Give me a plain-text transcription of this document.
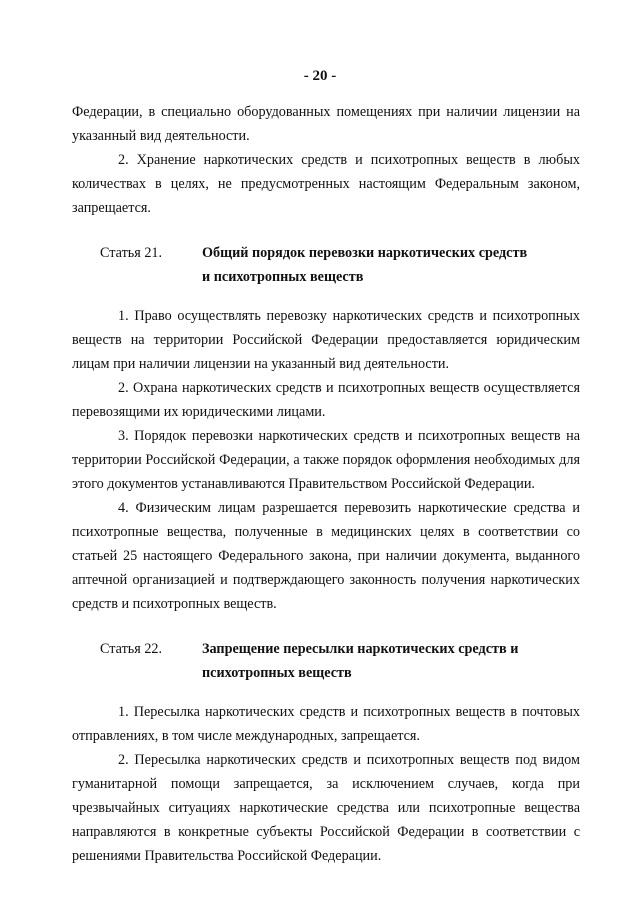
- 20 -

Федерации, в специально оборудованных помещениях при наличии лицензии на указанный вид деятельности.

2. Хранение наркотических средств и психотропных веществ в любых количествах в целях, не предусмотренных настоящим Федеральным законом, запрещается.

Статья 21.	Общий порядок перевозки наркотических средств и психотропных веществ

1. Право осуществлять перевозку наркотических средств и психотропных веществ на территории Российской Федерации предоставляется юридическим лицам при наличии лицензии на указанный вид деятельности.

2. Охрана наркотических средств и психотропных веществ осуществляется перевозящими их юридическими лицами.

3. Порядок перевозки наркотических средств и психотропных веществ на территории Российской Федерации, а также порядок оформления необходимых для этого документов устанавливаются Правительством Российской Федерации.

4. Физическим лицам разрешается перевозить наркотические средства и психотропные вещества, полученные в медицинских целях в соответствии со статьей 25 настоящего Федерального закона, при наличии документа, выданного аптечной организацией и подтверждающего законность получения наркотических средств и психотропных веществ.

Статья 22.	Запрещение пересылки наркотических средств и психотропных веществ

1. Пересылка наркотических средств и психотропных веществ в почтовых отправлениях, в том числе международных, запрещается.

2. Пересылка наркотических средств и психотропных веществ под видом гуманитарной помощи запрещается, за исключением случаев, когда при чрезвычайных ситуациях наркотические средства или психотропные вещества направляются в конкретные субъекты Российской Федерации в соответствии с решениями Правительства Российской Федерации.
